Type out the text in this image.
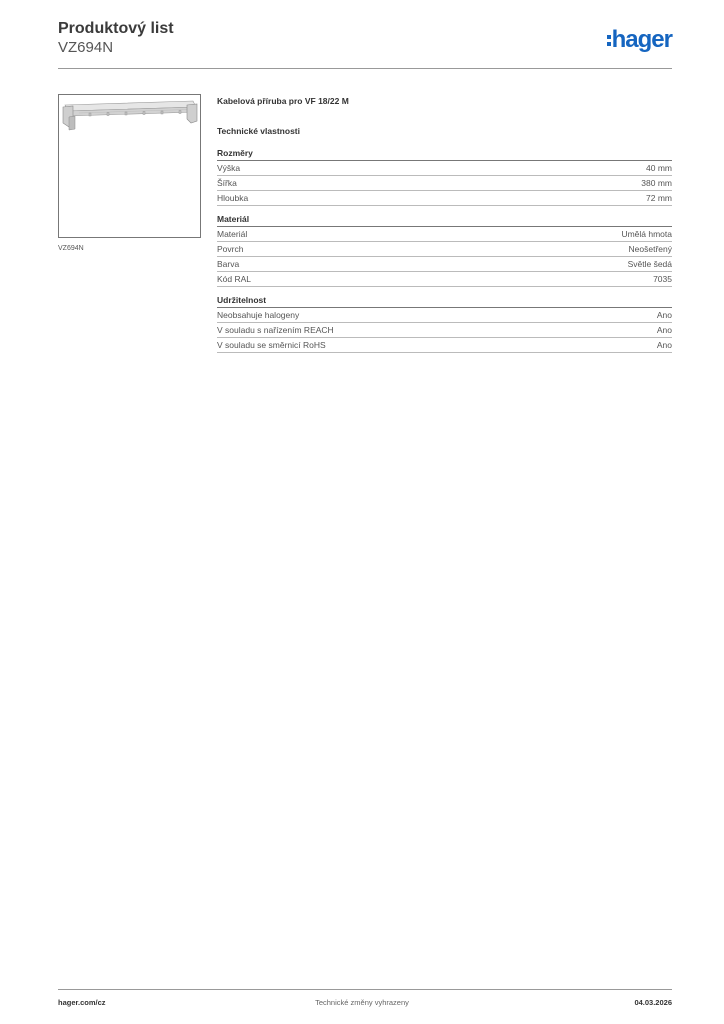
Produktový list
VZ694N	hager
VZ694N
Kabelová příruba pro VF 18/22 M
Technické vlastnosti
Rozměry
Výška	40 mm
Šířka	380 mm
Hloubka	72 mm
Materiál
Materiál	Umělá hmota
Povrch	Neošetřený
Barva	Světle šedá
Kód RAL	7035
Udržitelnost
Neobsahuje halogeny	Ano
V souladu s nařízením REACH	Ano
V souladu se směrnicí RoHS	Ano
hager.com/cz	Technické změny vyhrazeny	04.03.2026
